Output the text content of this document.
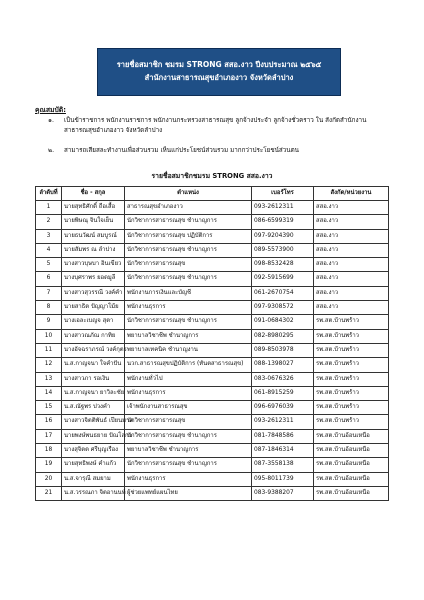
รายชื่อสมาชิก ชมรม STRONG สสอ.งาว ปีงบประมาณ ๒๕๖๕
สำนักงานสาธารณสุขอำเภองาว จังหวัดลำปาง
คุณสมบัติ:
๑. เป็นข้าราชการ พนักงานราชการ พนักงานกระทรวงสาธารณสุข ลูกจ้างประจำ ลูกจ้างชั่วคราว ใน สังกัดสำนักงานสาธารณสุขอำเภองาว จังหวัดลำปาง
๒. สามารถเสียสละทำงานเพื่อส่วนรวม เห็นแก่ประโยชน์ส่วนรวม มากกว่าประโยชน์ส่วนตน
รายชื่อสมาชิกชมรม STRONG สสอ.งาว
ลำดับที่	ชื่อ - สกุล	ตำแหน่ง	เบอร์โทร	สังกัด/หน่วยงาน
1	นายสุทธิศักดิ์ ถือเสื้อ	สาธารณสุขอำเภองาว	093-2612311	สสอ.งาว
2	นายพิษณุ จินใจเย็น	นักวิชาการสาธารณสุข ชำนาญการ	086-6599319	สสอ.งาว
3	นายธนวัฒน์ สมบูรณ์	นักวิชาการสาธารณสุข ปฏิบัติการ	097-9204390	สสอ.งาว
4	นายสัมพร ณ ลำปาง	นักวิชาการสาธารณสุข ชำนาญการ	089-5573900	สสอ.งาว
5	นางสาวบุษบา อินเขียว	นักวิชาการสาธารณสุข	098-8532428	สสอ.งาว
6	นางบุศราพร ยอดมูลี	นักวิชาการสาธารณสุข ชำนาญการ	092-5915699	สสอ.งาว
7	นางสาวสุวรรณี วงค์คำ	พนักงานการเงินและบัญชี	061-2670754	สสอ.งาว
8	นายสาธิต ปัญญาโม้ย	พนักงานธุรการ	097-9308572	สสอ.งาว
9	นางเอละเบญจ สุตา	นักวิชาการสาธารณสุข ชำนาญการ	091-0684302	รพ.สต.บ้านพร้าว
10	นางสาวณภัณ กาทิย	พยาบาลวิชาชีพ ชำนาญการ	082-8980295	รพ.สต.บ้านพร้าว
11	นางอัจฉราภรณ์ วงค์กุตร	พยาบาลเทคนิค ชำนาญงาน	089-8503978	รพ.สต.บ้านพร้าว
12	น.ส.กาญจนา ใจคำปัน	นวก.สาธารณสุขปฏิบัติการ (ทันตสาธารณสุข)	088-1398027	รพ.สต.บ้านพร้าว
13	นางสาวภา รอเงิน	พนักงานทั่วไป	083-0676326	รพ.สต.บ้านพร้าว
14	น.ส.กาญจนา ยาวิละชัย	พนักงานธุรการ	061-8915259	รพ.สต.บ้านพร้าว
15	น.ส.ณัฐพร ปวงคำ	เจ้าพนักงานสาธารณสุข	096-6976039	รพ.สต.บ้านพร้าว
16	นางสาวจิตติพันธ์ เปียนมาค	นักวิชาการสาธารณสุข	093-2612311	รพ.สต.บ้านพร้าว
17	นายพงษ์พนธยาย ปัณโลกา	นักวิชาการสาธารณสุข ชำนาญการ	081-7848586	รพ.สต.บ้านอ้อนเหนือ
18	นางสุจิตต ศรีบุญเรือง	พยาบาลวิชาชีพ ชำนาญการ	087-1846314	รพ.สต.บ้านอ้อนเหนือ
19	นายสุทธิพงษ์ คำแก้ว	นักวิชาการสาธารณสุข ชำนาญการ	087-3558138	รพ.สต.บ้านอ้อนเหนือ
20	น.ส.จารุณี สมยาม	พนักงานธุรการ	095-8011739	รพ.สต.บ้านอ้อนเหนือ
21	น.ส.วรรณภา จิตอานนท์	ผู้ช่วยแพทย์แผนไทย	083-9388207	รพ.สต.บ้านอ้อนเหนือ
